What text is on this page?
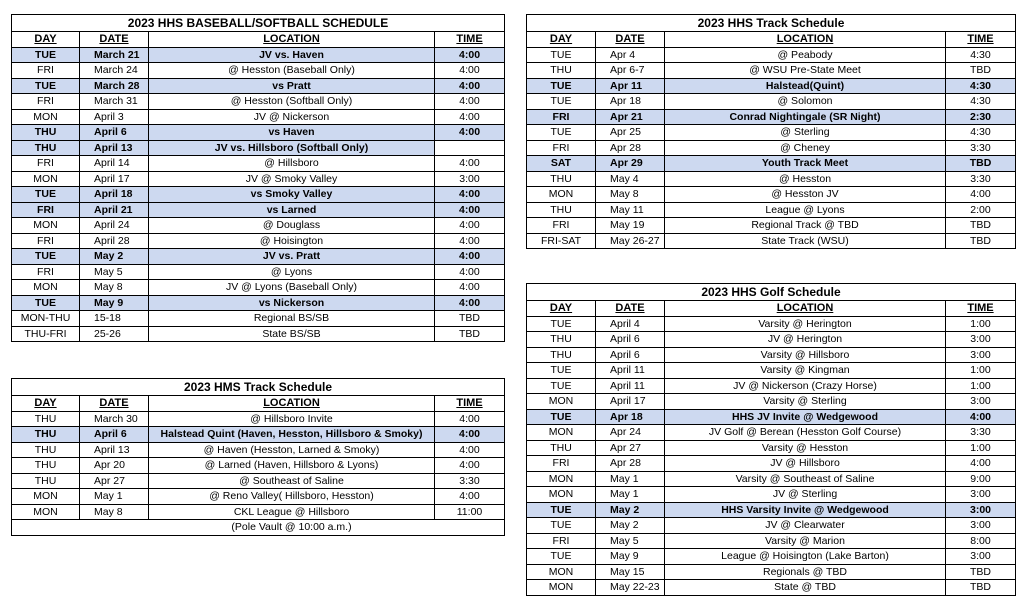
2023 HHS BASEBALL/SOFTBALL SCHEDULE			
DAY	DATE	LOCATION	TIME
TUE	March 21	JV vs. Haven	4:00
FRI	March 24	@ Hesston (Baseball Only)	4:00
TUE	March 28	vs Pratt	4:00
FRI	March 31	@ Hesston (Softball Only)	4:00
MON	April 3	JV @ Nickerson	4:00
THU	April 6	vs Haven	4:00
THU	April 13	JV vs. Hillsboro (Softball Only)	
FRI	April 14	@ Hillsboro	4:00
MON	April 17	JV @ Smoky Valley	3:00
TUE	April 18	vs Smoky Valley	4:00
FRI	April 21	vs Larned	4:00
MON	April 24	@ Douglass	4:00
FRI	April 28	@ Hoisington	4:00
TUE	May 2	JV vs. Pratt	4:00
FRI	May 5	@ Lyons	4:00
MON	May 8	JV @ Lyons (Baseball Only)	4:00
TUE	May 9	vs Nickerson	4:00
MON-THU	15-18	Regional BS/SB	TBD
THU-FRI	25-26	State BS/SB	TBD
2023 HMS Track Schedule			
DAY	DATE	LOCATION	TIME
THU	March 30	@ Hillsboro Invite	4:00
THU	April 6	Halstead Quint (Haven, Hesston, Hillsboro & Smoky)	4:00
THU	April 13	@ Haven (Hesston, Larned & Smoky)	4:00
THU	Apr 20	@ Larned (Haven, Hillsboro & Lyons)	4:00
THU	Apr 27	@ Southeast of Saline	3:30
MON	May 1	@ Reno Valley( Hillsboro, Hesston)	4:00
MON	May 8	CKL League @ Hillsboro	11:00
		(Pole Vault @ 10:00 a.m.)	
2023 HHS Track Schedule			
DAY	DATE	LOCATION	TIME
TUE	Apr 4	@ Peabody	4:30
THU	Apr 6-7	@ WSU Pre-State Meet	TBD
TUE	Apr 11	Halstead(Quint)	4:30
TUE	Apr 18	@ Solomon	4:30
FRI	Apr 21	Conrad Nightingale (SR Night)	2:30
TUE	Apr 25	@ Sterling	4:30
FRI	Apr 28	@ Cheney	3:30
SAT	Apr 29	Youth Track Meet	TBD
THU	May 4	@ Hesston	3:30
MON	May 8	@ Hesston JV	4:00
THU	May 11	League @ Lyons	2:00
FRI	May 19	Regional Track @ TBD	TBD
FRI-SAT	May 26-27	State Track (WSU)	TBD
2023 HHS Golf Schedule			
DAY	DATE	LOCATION	TIME
TUE	April 4	Varsity @ Herington	1:00
THU	April 6	JV @ Herington	3:00
THU	April 6	Varsity @ Hillsboro	3:00
TUE	April 11	Varsity @ Kingman	1:00
TUE	April 11	JV @ Nickerson (Crazy Horse)	1:00
MON	April 17	Varsity @ Sterling	3:00
TUE	Apr 18	HHS JV Invite @ Wedgewood	4:00
MON	Apr 24	JV Golf @ Berean (Hesston Golf Course)	3:30
THU	Apr 27	Varsity @ Hesston	1:00
FRI	Apr 28	JV @ Hillsboro	4:00
MON	May 1	Varsity @ Southeast of Saline	9:00
MON	May 1	JV @ Sterling	3:00
TUE	May 2	HHS Varsity Invite @ Wedgewood	3:00
TUE	May 2	JV @ Clearwater	3:00
FRI	May 5	Varsity @ Marion	8:00
TUE	May 9	League @ Hoisington (Lake Barton)	3:00
MON	May 15	Regionals @ TBD	TBD
MON	May 22-23	State @ TBD	TBD
